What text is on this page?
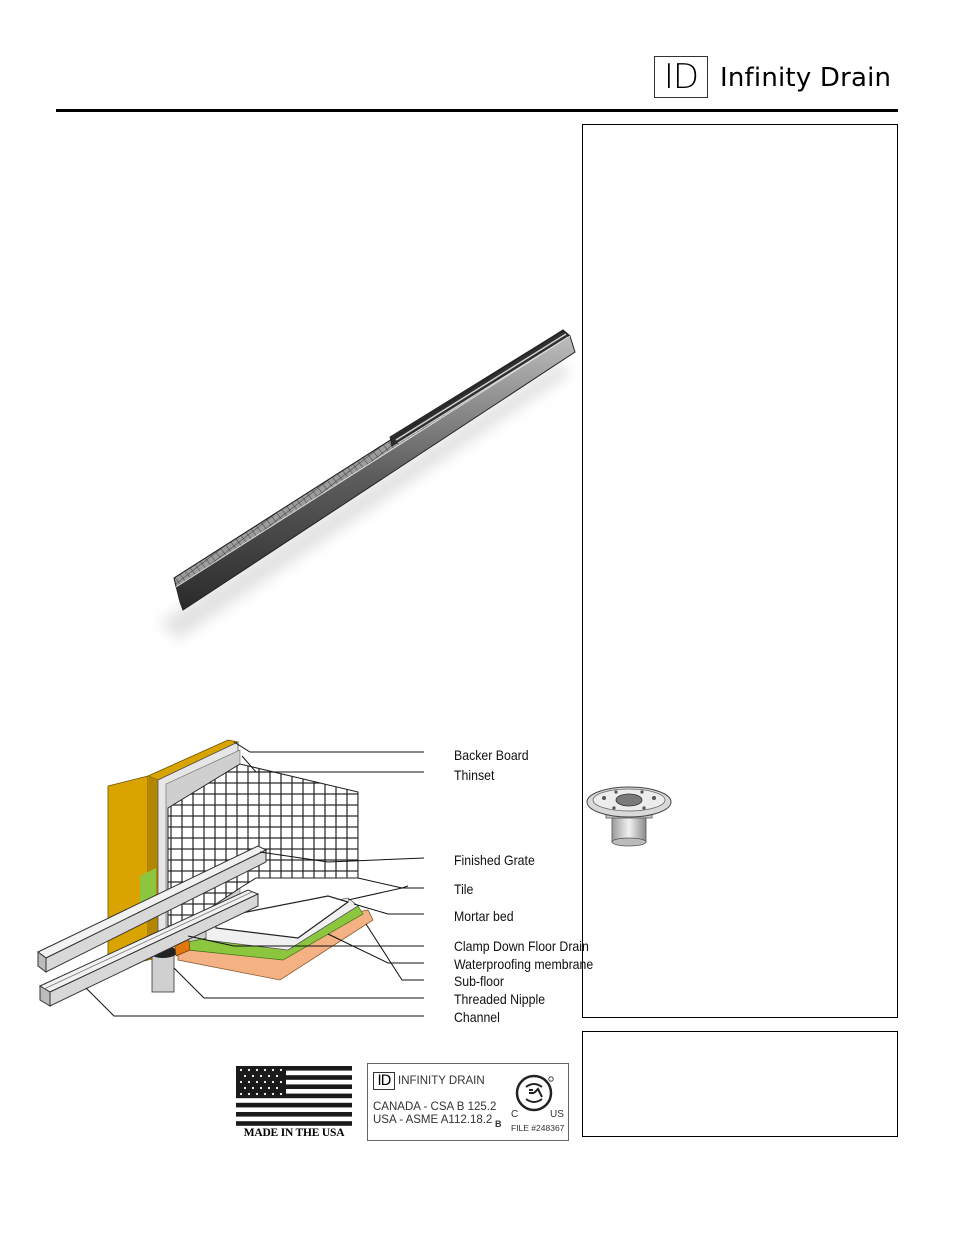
ID Infinity Drain
Backer Board
Thinset
Finished Grate
Tile
Mortar bed
Clamp Down Floor Drain
Waterproofing membrane
Sub-floor
Threaded Nipple
Channel
MADE IN THE USA
ID INFINITY DRAIN
CANADA - CSA B 125.2
USA - ASME A112.18.2 B
C	US
FILE #248367
